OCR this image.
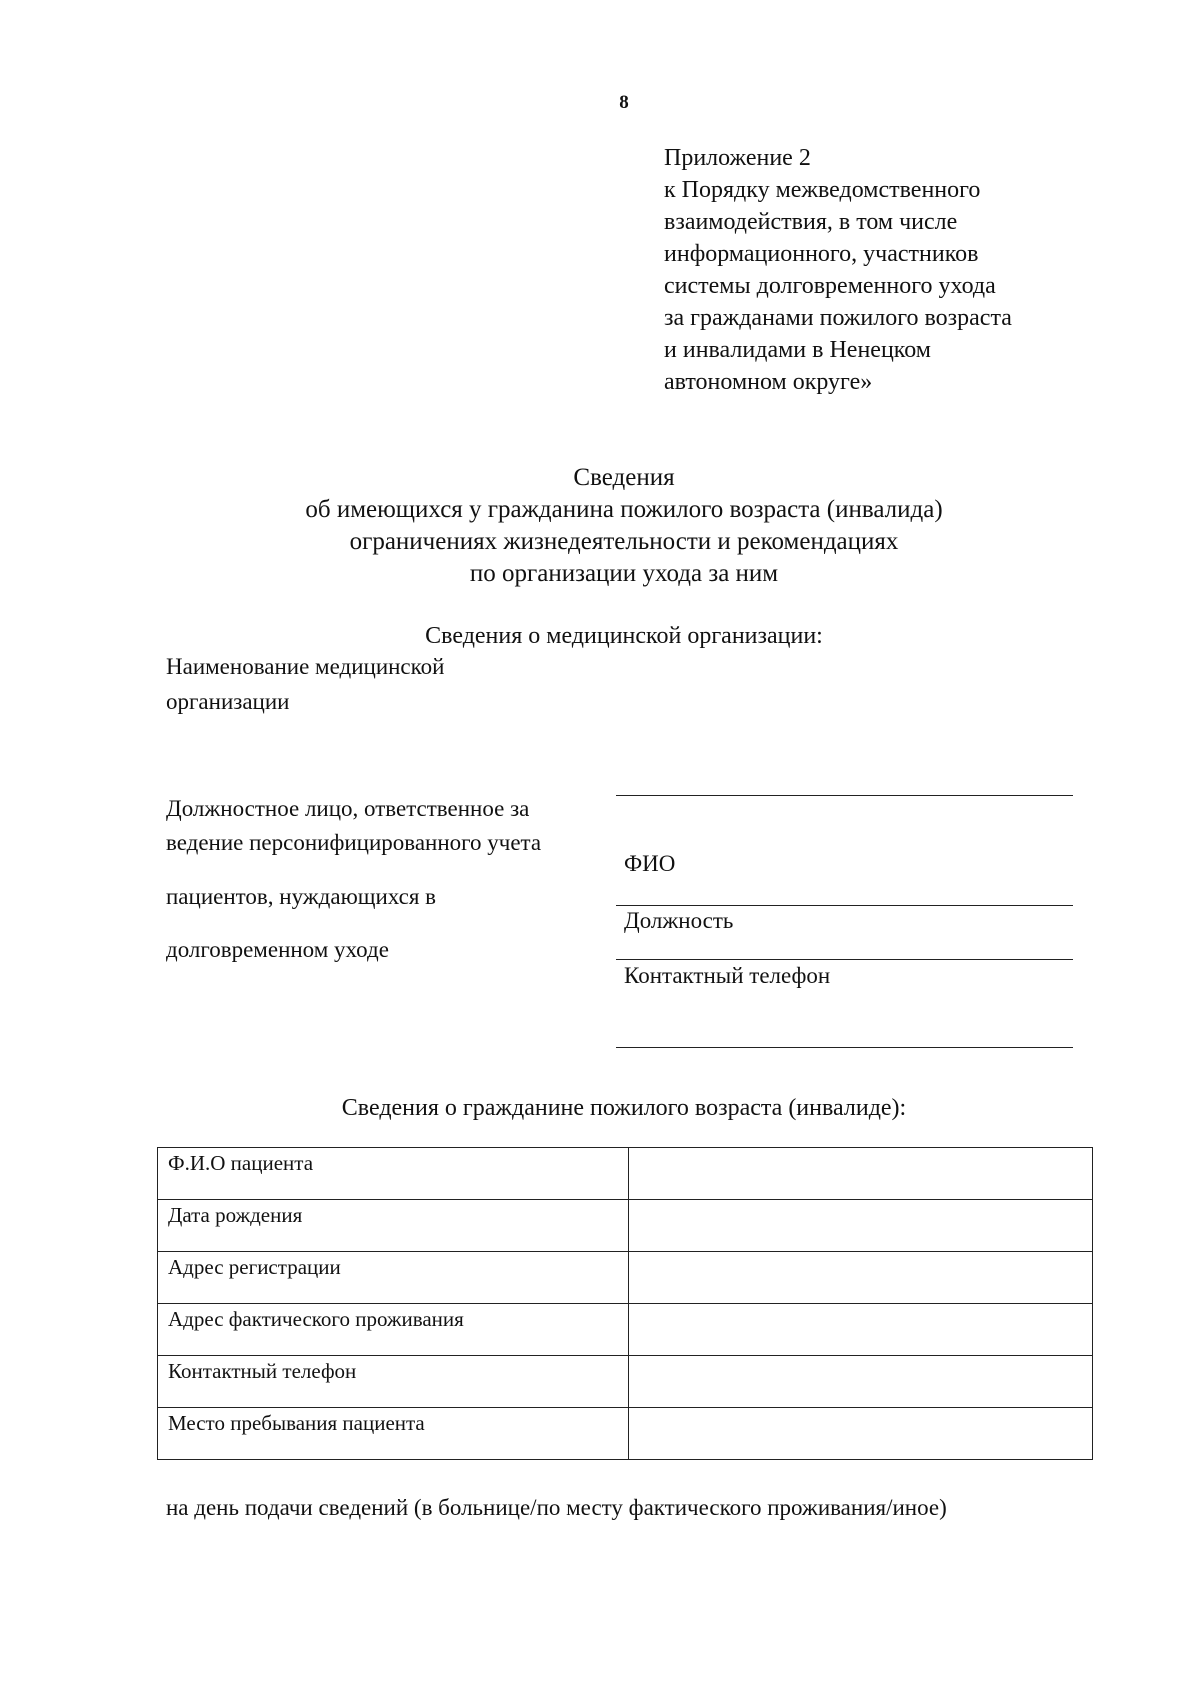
8
Приложение 2
к Порядку межведомственного
взаимодействия, в том числе
информационного, участников
системы долговременного ухода
за гражданами пожилого возраста
и инвалидами в Ненецком
автономном округе»
Сведения
об имеющихся у гражданина пожилого возраста (инвалида)
ограничениях жизнедеятельности и рекомендациях
по организации ухода за ним
Сведения о медицинской организации:
Наименование медицинской
организации
Должностное лицо, ответственное за
ведение персонифицированного учета
пациентов, нуждающихся в
долговременном уходе
ФИО
Должность
Контактный телефон
Сведения о гражданине пожилого возраста (инвалиде):
Ф.И.О пациента	
Дата рождения	
Адрес регистрации	
Адрес фактического проживания	
Контактный телефон	
Место пребывания пациента	
на день подачи сведений (в больнице/по месту фактического проживания/иное)
